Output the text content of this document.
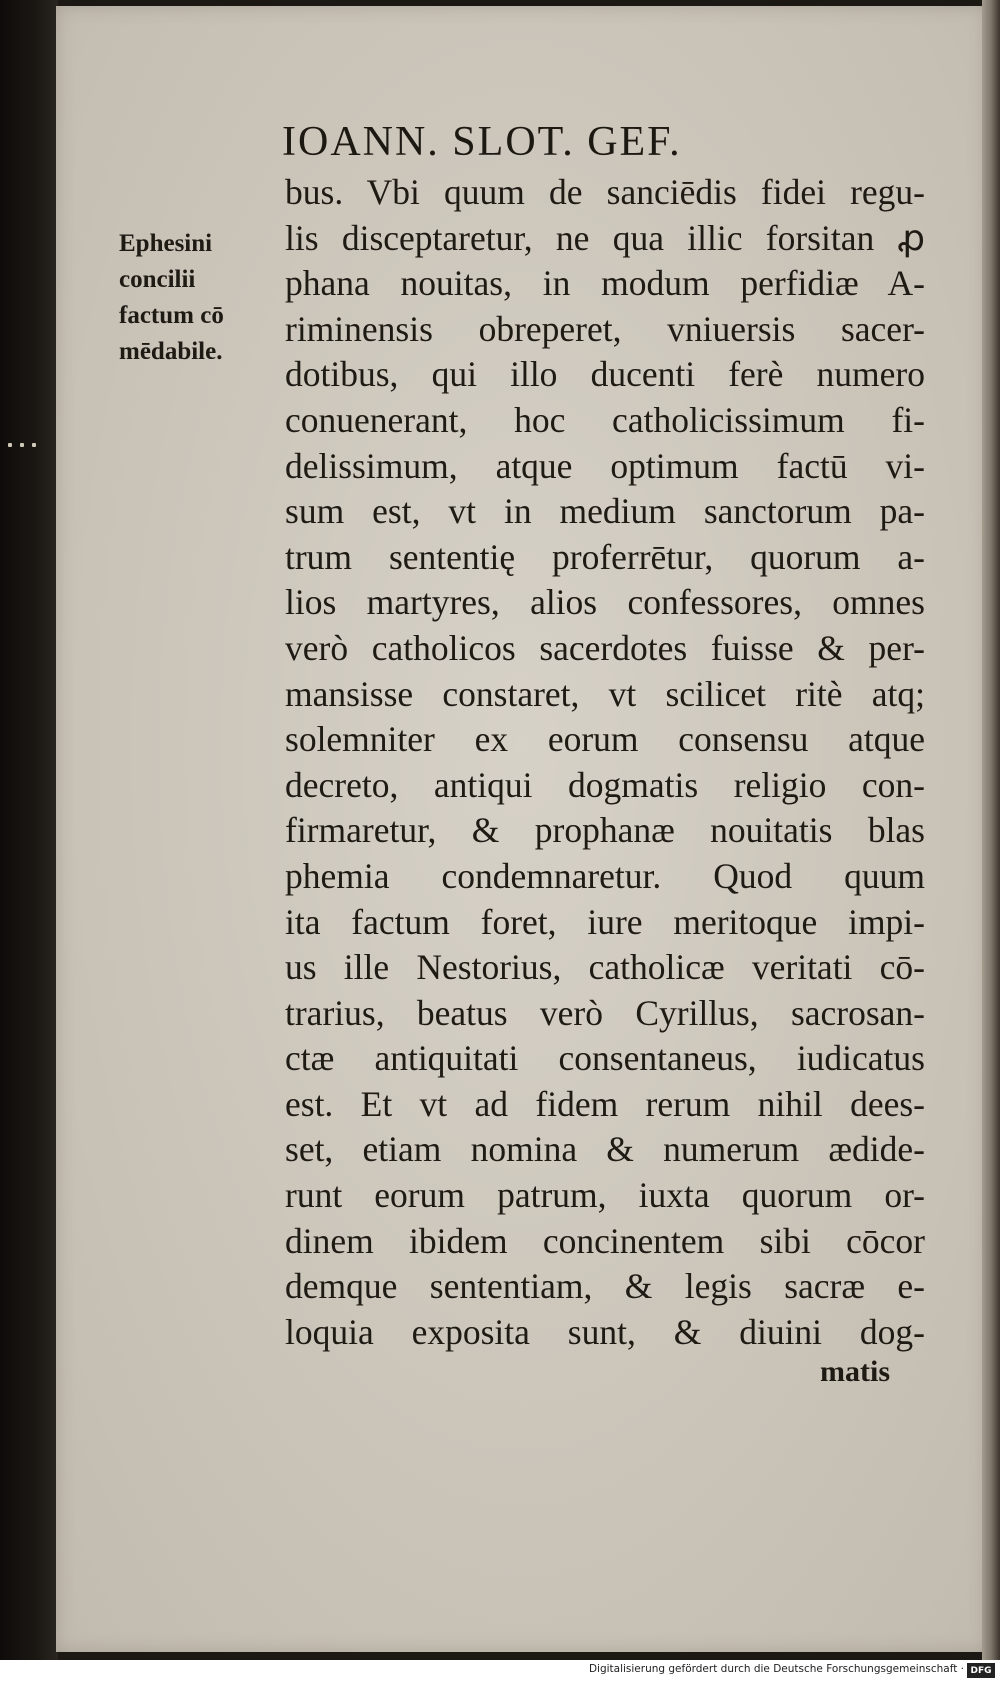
IOANN. SLOT. GEF.
Ephesini
concilii
factum cō
mēdabile.
bus. Vbi quum de sanciēdis fidei regu-
lis disceptaretur, ne qua illic forsitan ꝓ
phana nouitas, in modum perfidiæ A-
riminensis obreperet, vniuersis sacer-
dotibus, qui illo ducenti ferè numero
conuenerant, hoc catholicissimum fi-
delissimum, atque optimum factū vi-
sum est, vt in medium sanctorum pa-
trum sententię proferrētur, quorum a-
lios martyres, alios confessores, omnes
verò catholicos sacerdotes fuisse & per-
mansisse constaret, vt scilicet ritè atq;
solemniter ex eorum consensu atque
decreto, antiqui dogmatis religio con-
firmaretur, & prophanæ nouitatis blas
phemia condemnaretur. Quod quum
ita factum foret, iure meritoque impi-
us ille Nestorius, catholicæ veritati cō-
trarius, beatus verò Cyrillus, sacrosan-
ctæ antiquitati consentaneus, iudicatus
est. Et vt ad fidem rerum nihil dees-
set, etiam nomina & numerum ædide-
runt eorum patrum, iuxta quorum or-
dinem ibidem concinentem sibi cōcor
demque sententiam, & legis sacræ e-
loquia exposita sunt, & diuini dog-
matis
Digitalisierung gefördert durch die Deutsche Forschungsgemeinschaft · DFG
